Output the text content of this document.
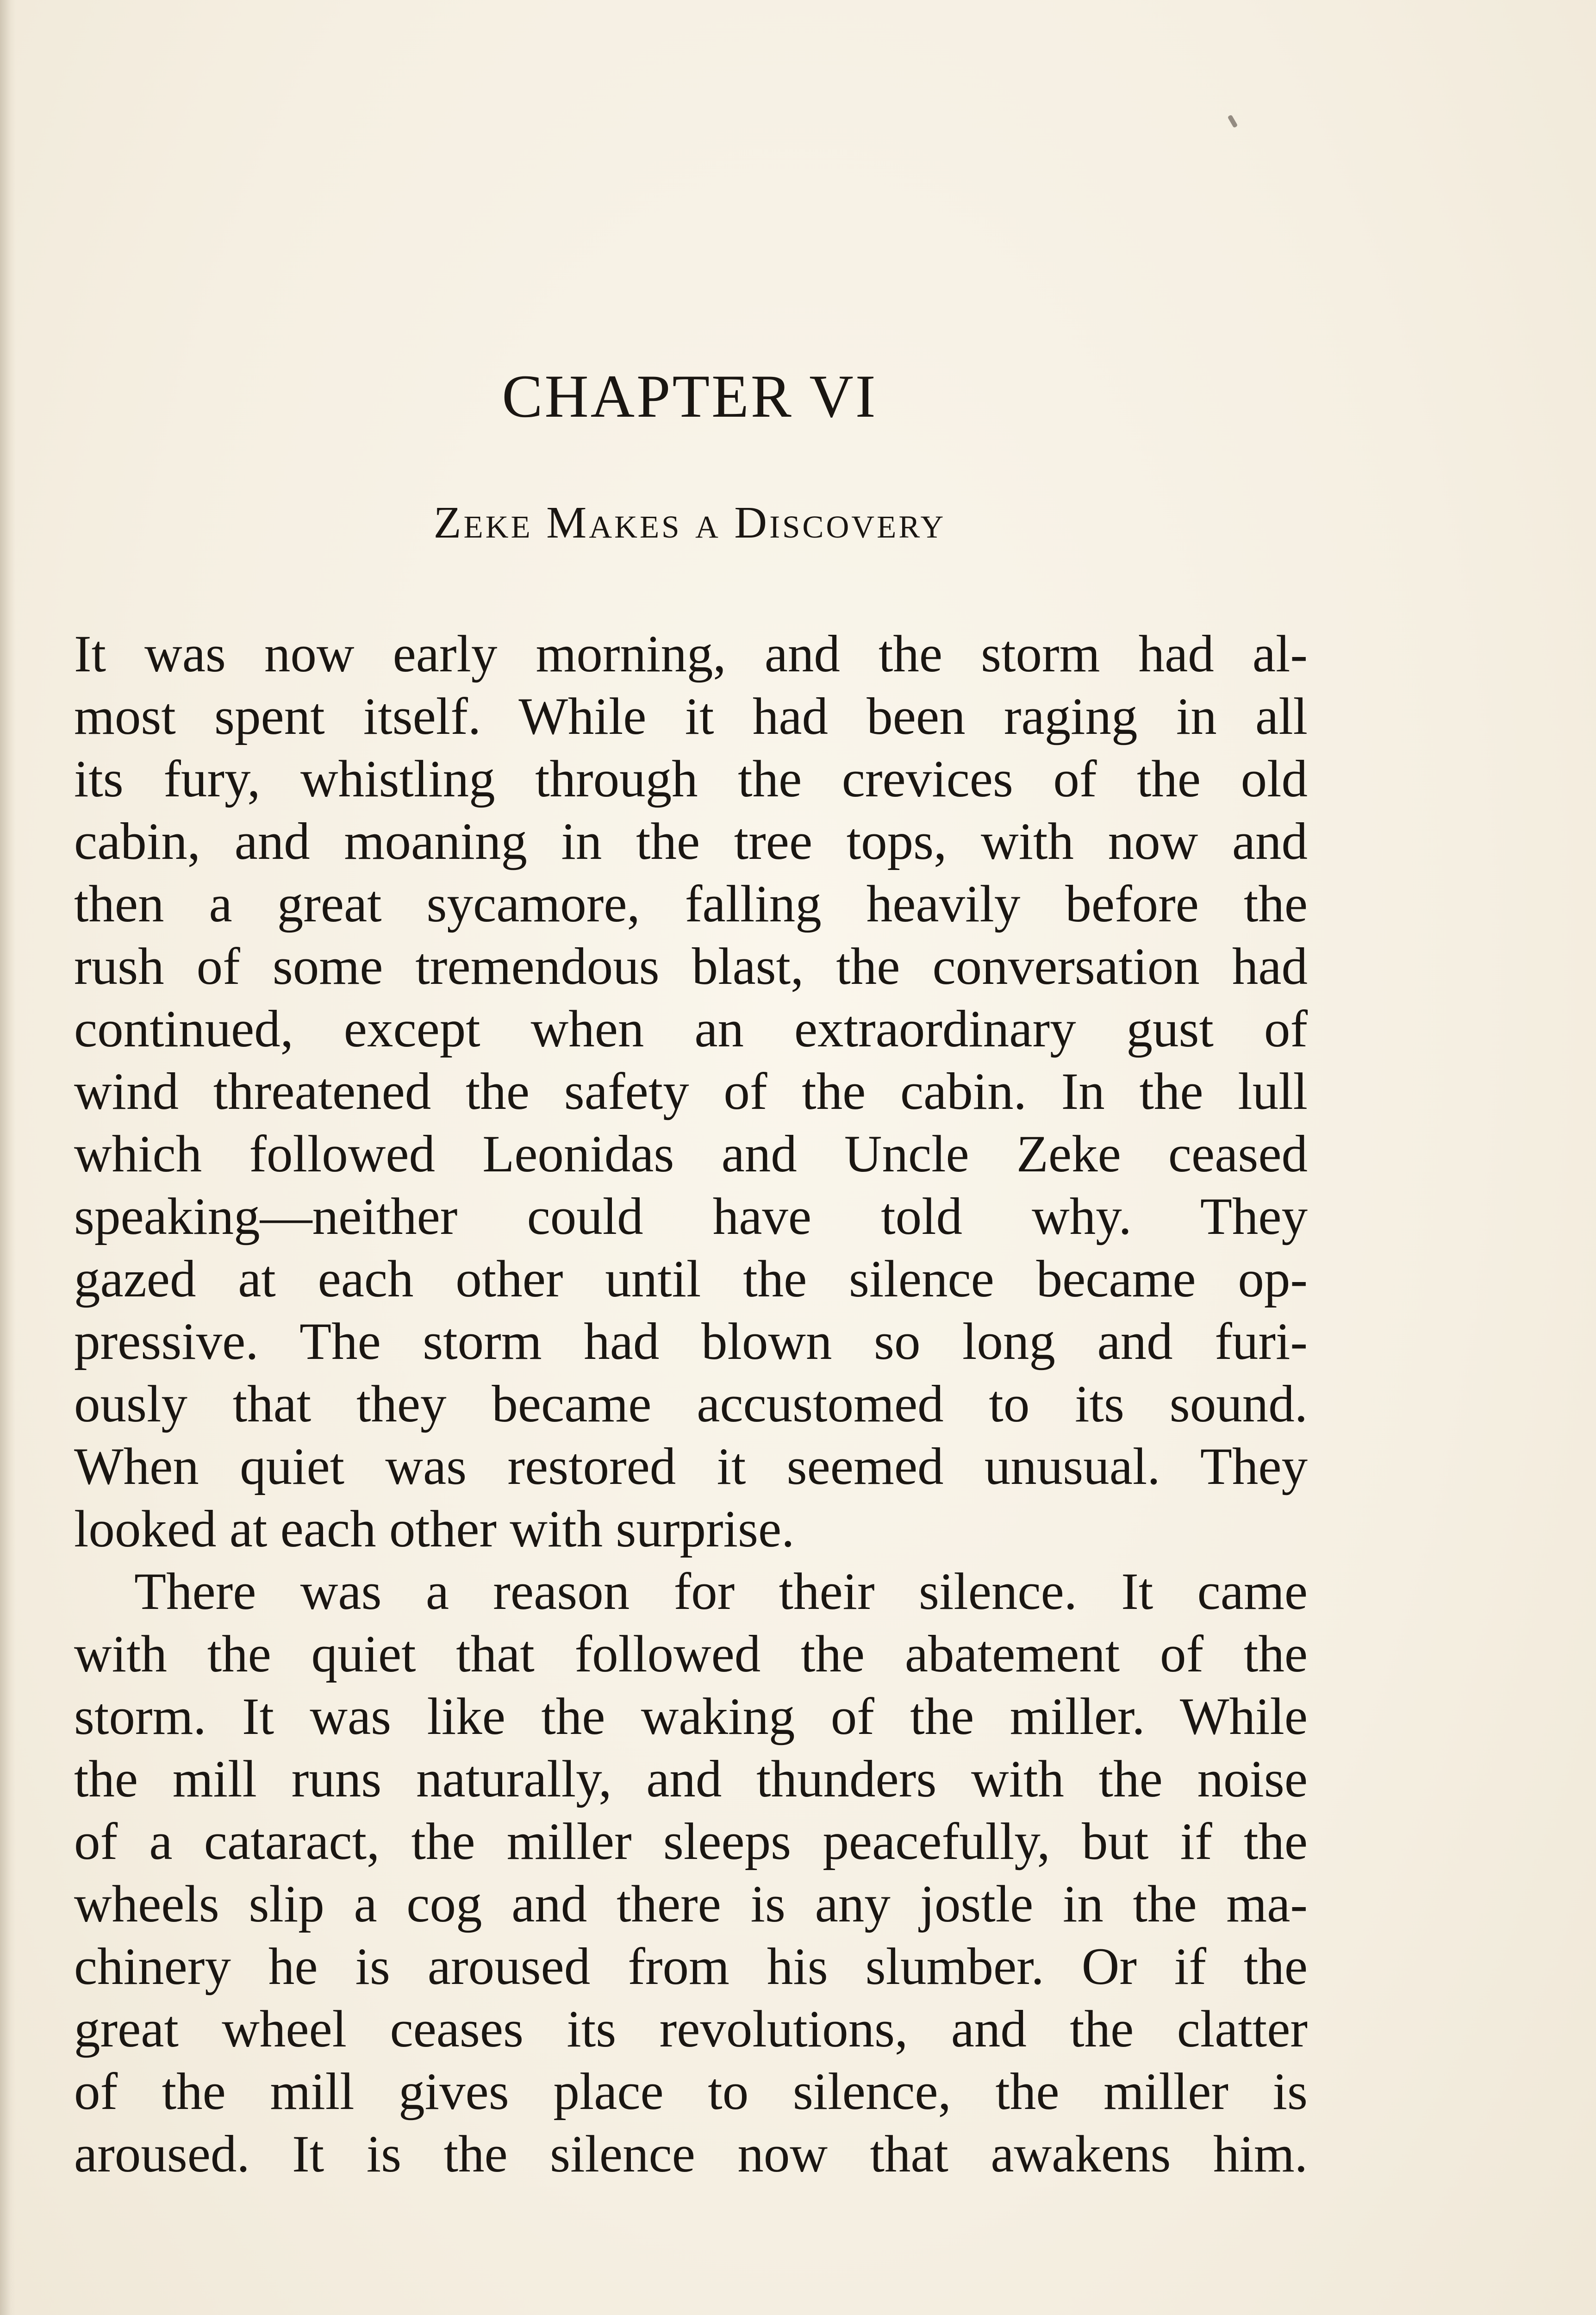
CHAPTER VI
Zeke Makes a Discovery
It was now early morning, and the storm had al-
most spent itself. While it had been raging in all
its fury, whistling through the crevices of the old
cabin, and moaning in the tree tops, with now and
then a great sycamore, falling heavily before the
rush of some tremendous blast, the conversation had
continued, except when an extraordinary gust of
wind threatened the safety of the cabin. In the lull
which followed Leonidas and Uncle Zeke ceased
speaking—neither could have told why. They
gazed at each other until the silence became op-
pressive. The storm had blown so long and furi-
ously that they became accustomed to its sound.
When quiet was restored it seemed unusual. They
looked at each other with surprise.
There was a reason for their silence. It came
with the quiet that followed the abatement of the
storm. It was like the waking of the miller. While
the mill runs naturally, and thunders with the noise
of a cataract, the miller sleeps peacefully, but if the
wheels slip a cog and there is any jostle in the ma-
chinery he is aroused from his slumber. Or if the
great wheel ceases its revolutions, and the clatter
of the mill gives place to silence, the miller is
aroused. It is the silence now that awakens him.
